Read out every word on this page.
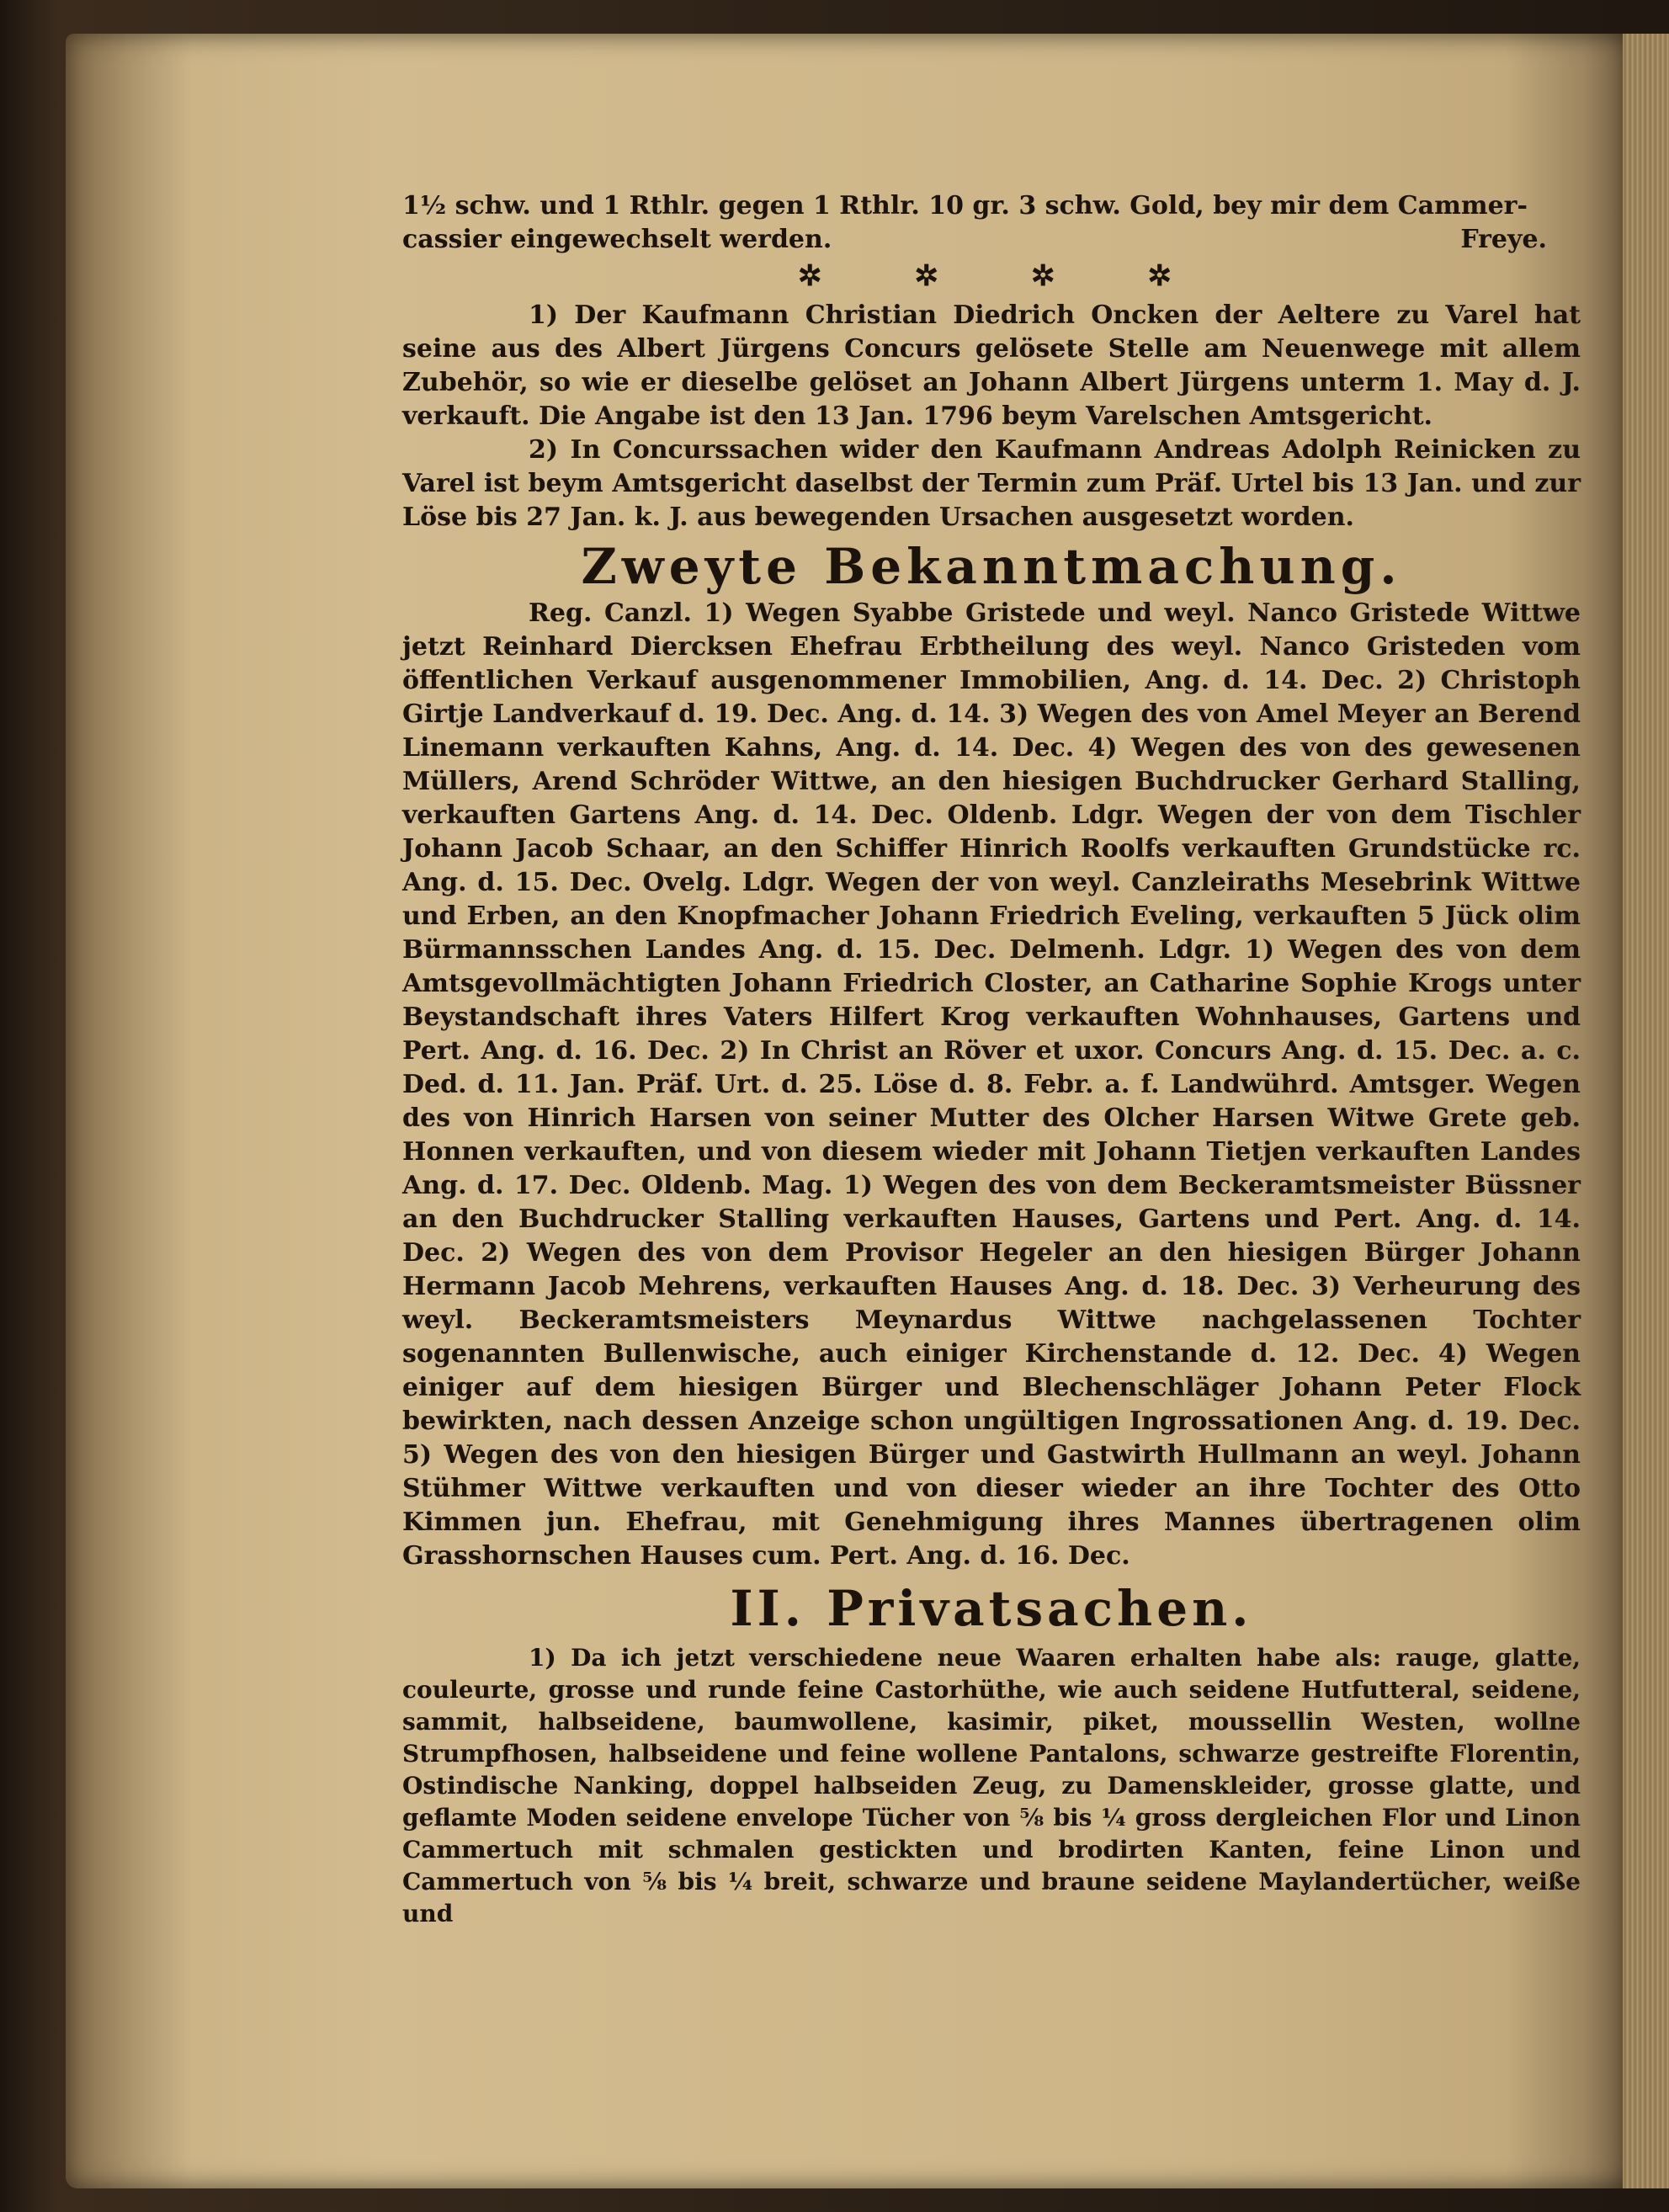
1½ schw. und 1 Rthlr. gegen 1 Rthlr. 10 gr. 3 schw. Gold, bey mir dem Cammer-

cassier eingewechselt werden.	Freye.
✲	✲	✲	✲

1) Der Kaufmann Christian Diedrich Oncken der Aeltere zu Varel hat seine aus des Albert Jürgens Concurs gelösete Stelle am Neuenwege mit allem Zubehör, so wie er dieselbe gelöset an Johann Albert Jürgens unterm 1. May d. J. verkauft. Die Angabe ist den 13 Jan. 1796 beym Varelschen Amtsgericht.

2) In Concurssachen wider den Kaufmann Andreas Adolph Reinicken zu Varel ist beym Amtsgericht daselbst der Termin zum Präf. Urtel bis 13 Jan. und zur Löse bis 27 Jan. k. J. aus bewegenden Ursachen ausgesetzt worden.

Zweyte Bekanntmachung.

Reg. Canzl. 1) Wegen Syabbe Gristede und weyl. Nanco Gristede Wittwe jetzt Reinhard Diercksen Ehefrau Erbtheilung des weyl. Nanco Gristeden vom öffentlichen Verkauf ausgenommener Immobilien, Ang. d. 14. Dec. 2) Christoph Girtje Landverkauf d. 19. Dec. Ang. d. 14. 3) Wegen des von Amel Meyer an Berend Linemann verkauften Kahns, Ang. d. 14. Dec. 4) Wegen des von des gewesenen Müllers, Arend Schröder Wittwe, an den hiesigen Buchdrucker Gerhard Stalling, verkauften Gartens Ang. d. 14. Dec. Oldenb. Ldgr. Wegen der von dem Tischler Johann Jacob Schaar, an den Schiffer Hinrich Roolfs verkauften Grundstücke rc. Ang. d. 15. Dec. Ovelg. Ldgr. Wegen der von weyl. Canzleiraths Mesebrink Wittwe und Erben, an den Knopfmacher Johann Friedrich Eveling, verkauften 5 Jück olim Bürmannsschen Landes Ang. d. 15. Dec. Delmenh. Ldgr. 1) Wegen des von dem Amtsgevollmächtigten Johann Friedrich Closter, an Catharine Sophie Krogs unter Beystandschaft ihres Vaters Hilfert Krog verkauften Wohnhauses, Gartens und Pert. Ang. d. 16. Dec. 2) In Christ an Röver et uxor. Concurs Ang. d. 15. Dec. a. c. Ded. d. 11. Jan. Präf. Urt. d. 25. Löse d. 8. Febr. a. f. Landwührd. Amtsger. Wegen des von Hinrich Harsen von seiner Mutter des Olcher Harsen Witwe Grete geb. Honnen verkauften, und von diesem wieder mit Johann Tietjen verkauften Landes Ang. d. 17. Dec. Oldenb. Mag. 1) Wegen des von dem Beckeramtsmeister Büssner an den Buchdrucker Stalling verkauften Hauses, Gartens und Pert. Ang. d. 14. Dec. 2) Wegen des von dem Provisor Hegeler an den hiesigen Bürger Johann Hermann Jacob Mehrens, verkauften Hauses Ang. d. 18. Dec. 3) Verheurung des weyl. Beckeramtsmeisters Meynardus Wittwe nachgelassenen Tochter sogenannten Bullenwische, auch einiger Kirchenstande d. 12. Dec. 4) Wegen einiger auf dem hiesigen Bürger und Blechenschläger Johann Peter Flock bewirkten, nach dessen Anzeige schon ungültigen Ingrossationen Ang. d. 19. Dec. 5) Wegen des von den hiesigen Bürger und Gastwirth Hullmann an weyl. Johann Stühmer Wittwe verkauften und von dieser wieder an ihre Tochter des Otto Kimmen jun. Ehefrau, mit Genehmigung ihres Mannes übertragenen olim Grasshornschen Hauses cum. Pert. Ang. d. 16. Dec.

II. Privatsachen.

1) Da ich jetzt verschiedene neue Waaren erhalten habe als: rauge, glatte, couleurte, grosse und runde feine Castorhüthe, wie auch seidene Hutfutteral, seidene, sammit, halbseidene, baumwollene, kasimir, piket, moussellin Westen, wollne Strumpfhosen, halbseidene und feine wollene Pantalons, schwarze gestreifte Florentin, Ostindische Nanking, doppel halbseiden Zeug, zu Damenskleider, grosse glatte, und geflamte Moden seidene envelope Tücher von ⅝ bis ¼ gross dergleichen Flor und Linon Cammertuch mit schmalen gestickten und brodirten Kanten, feine Linon und Cammertuch von ⅝ bis ¼ breit, schwarze und braune seidene Maylandertücher, weiße und
